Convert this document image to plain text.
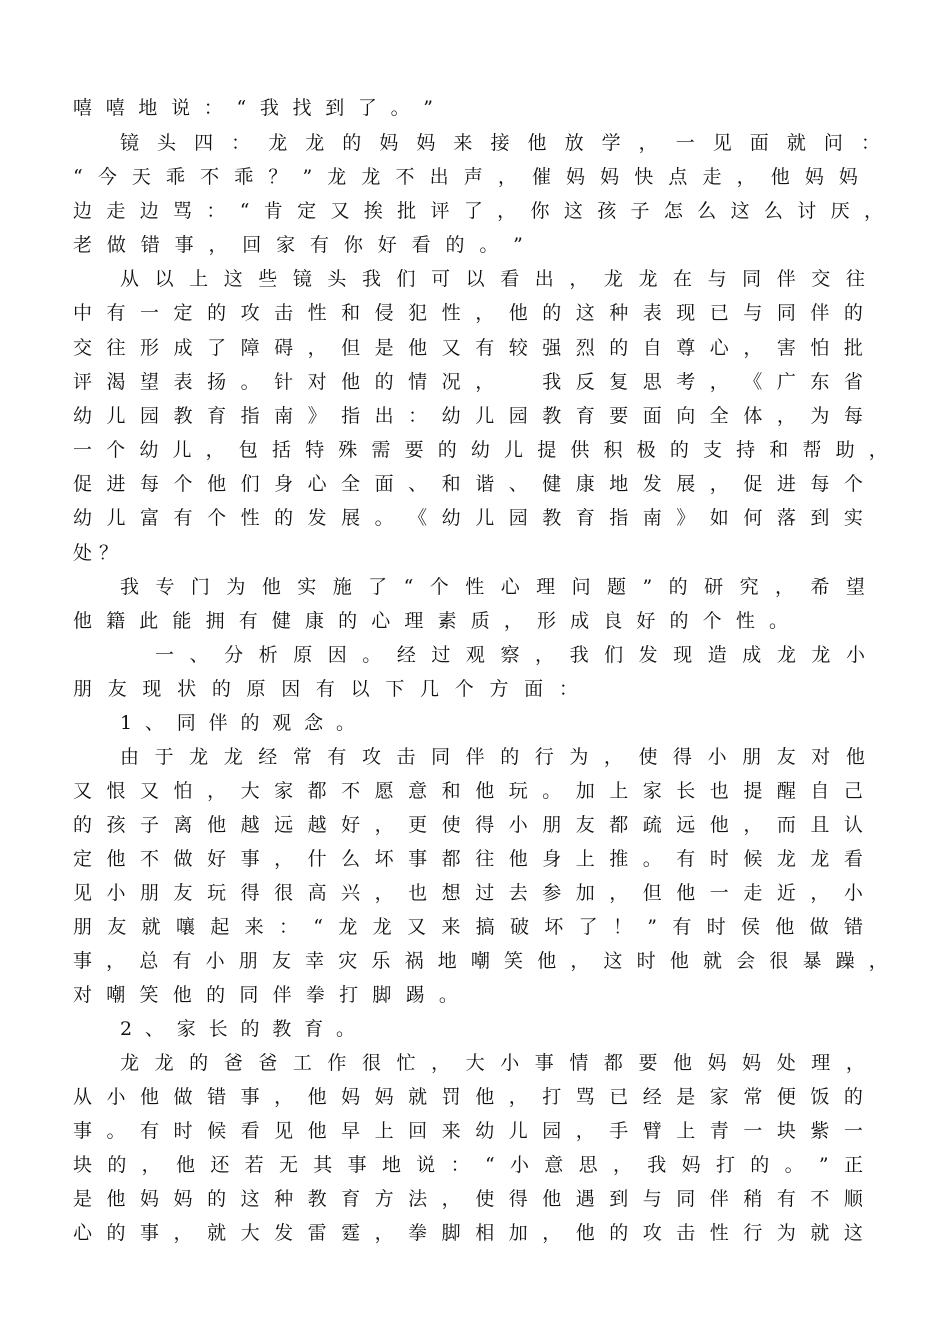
嘻 嘻 地 说 ： “ 我 找 到 了 。 ”
镜 头 四 ： 龙 龙 的 妈 妈 来 接 他 放 学 ， 一 见 面 就 问 ：
“ 今 天 乖 不 乖 ？ ” 龙 龙 不 出 声 ， 催 妈 妈 快 点 走 ， 他 妈 妈
边 走 边 骂 ： “ 肯 定 又 挨 批 评 了 ， 你 这 孩 子 怎 么 这 么 讨 厌 ，
老 做 错 事 ， 回 家 有 你 好 看 的 。 ”
从 以 上 这 些 镜 头 我 们 可 以 看 出 ， 龙 龙 在 与 同 伴 交 往
中 有 一 定 的 攻 击 性 和 侵 犯 性 ， 他 的 这 种 表 现 已 与 同 伴 的
交 往 形 成 了 障 碍 ， 但 是 他 又 有 较 强 烈 的 自 尊 心 ， 害 怕 批
评 渴 望 表 扬 。 针 对 他 的 情 况 ，
　	我 反 复 思 考 ， 《 广 东 省
幼 儿 园 教 育 指 南 》 指 出 ： 幼 儿 园 教 育 要 面 向 全 体 ， 为 每
一 个 幼 儿 ， 包 括 特 殊 需 要 的 幼 儿 提 供 积 极 的 支 持 和 帮 助 ，
促 进 每 个 他 们 身 心 全 面 、 和 谐 、 健 康 地 发 展 ， 促 进 每 个
幼 儿 富 有 个 性 的 发 展 。 《 幼 儿 园 教 育 指 南 》 如 何 落 到 实
处 ？
我 专 门 为 他 实 施 了 “ 个 性 心 理 问 题 ” 的 研 究 ， 希 望
他 籍 此 能 拥 有 健 康 的 心 理 素 质 ， 形 成 良 好 的 个 性 。
一 、 分 析 原 因 。 经 过 观 察 ， 我 们 发 现 造 成 龙 龙 小
朋 友 现 状 的 原 因 有 以 下 几 个 方 面 ：
1 、 同 伴 的 观 念 。
由 于 龙 龙 经 常 有 攻 击 同 伴 的 行 为 ， 使 得 小 朋 友 对 他
又 恨 又 怕 ， 大 家 都 不 愿 意 和 他 玩 。 加 上 家 长 也 提 醒 自 己
的 孩 子 离 他 越 远 越 好 ， 更 使 得 小 朋 友 都 疏 远 他 ， 而 且 认
定 他 不 做 好 事 ， 什 么 坏 事 都 往 他 身 上 推 。 有 时 候 龙 龙 看
见 小 朋 友 玩 得 很 高 兴 ， 也 想 过 去 参 加 ， 但 他 一 走 近 ， 小
朋 友 就 嚷 起 来 ： “ 龙 龙 又 来 搞 破 坏 了 ！ ” 有 时 侯 他 做 错
事 ， 总 有 小 朋 友 幸 灾 乐 祸 地 嘲 笑 他 ， 这 时 他 就 会 很 暴 躁 ，
对 嘲 笑 他 的 同 伴 拳 打 脚 踢 。
2 、 家 长 的 教 育 。
龙 龙 的 爸 爸 工 作 很 忙 ， 大 小 事 情 都 要 他 妈 妈 处 理 ，
从 小 他 做 错 事 ， 他 妈 妈 就 罚 他 ， 打 骂 已 经 是 家 常 便 饭 的
事 。 有 时 候 看 见 他 早 上 回 来 幼 儿 园 ， 手 臂 上 青 一 块 紫 一
块 的 ， 他 还 若 无 其 事 地 说 ： “ 小 意 思 ， 我 妈 打 的 。 ” 正
是 他 妈 妈 的 这 种 教 育 方 法 ， 使 得 他 遇 到 与 同 伴 稍 有 不 顺
心 的 事 ， 就 大 发 雷 霆 ， 拳 脚 相 加 ， 他 的 攻 击 性 行 为 就 这
